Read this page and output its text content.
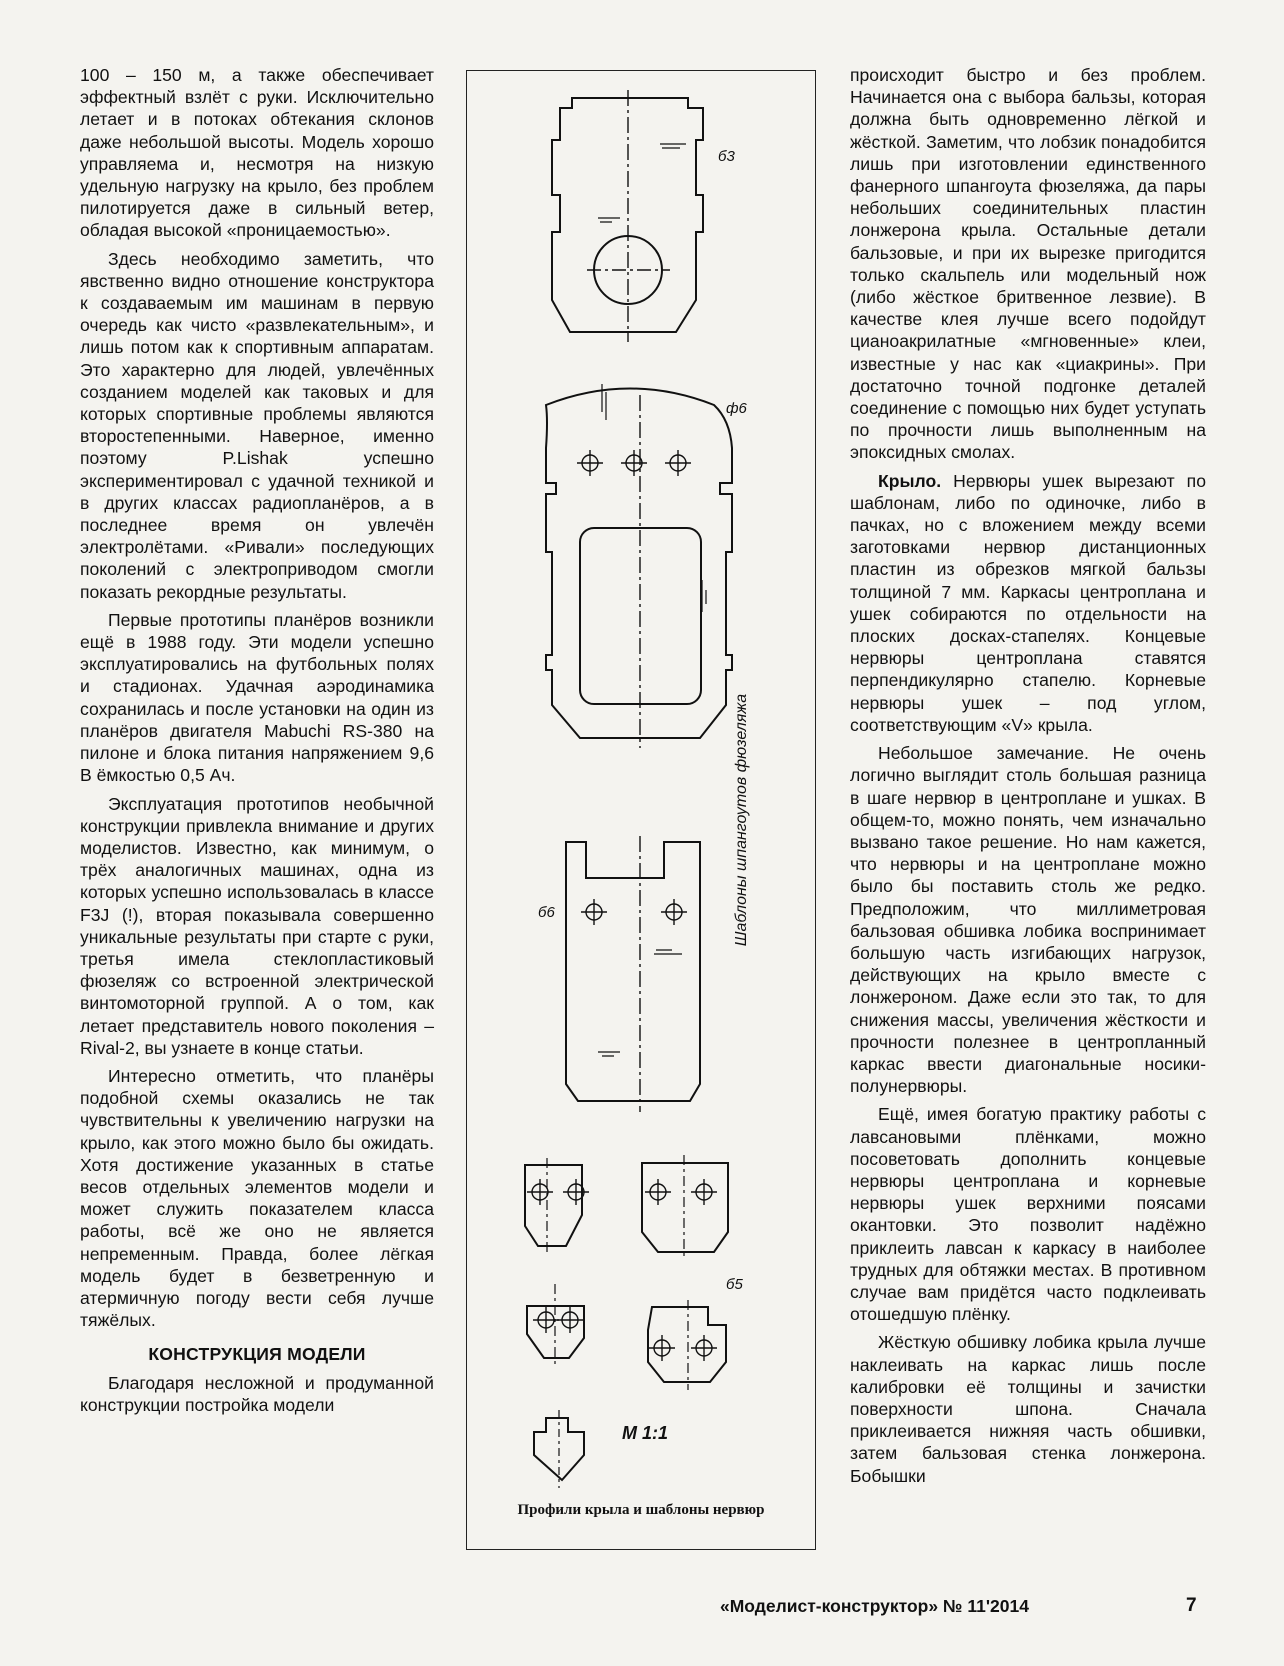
100 – 150 м, а также обеспечивает эффектный взлёт с руки. Исключительно летает и в потоках обтекания склонов даже небольшой высоты. Модель хорошо управляема и, несмотря на низкую удельную нагрузку на крыло, без проблем пилотируется даже в сильный ветер, обладая высокой «проницаемостью».

Здесь необходимо заметить, что явственно видно отношение конструктора к создаваемым им машинам в первую очередь как чисто «развлекательным», и лишь потом как к спортивным аппаратам. Это характерно для людей, увлечённых созданием моделей как таковых и для которых спортивные проблемы являются второстепенными. Наверное, именно поэтому P.Lishak успешно экспериментировал с удачной техникой и в других классах радиопланёров, а в последнее время он увлечён электролётами. «Ривали» последующих поколений с электроприводом смогли показать рекордные результаты.

Первые прототипы планёров возникли ещё в 1988 году. Эти модели успешно эксплуатировались на футбольных полях и стадионах. Удачная аэродинамика сохранилась и после установки на один из планёров двигателя Mabuchi RS-380 на пилоне и блока питания напряжением 9,6 В ёмкостью 0,5 Ач.

Эксплуатация прототипов необычной конструкции привлекла внимание и других моделистов. Известно, как минимум, о трёх аналогичных машинах, одна из которых успешно использовалась в классе F3J (!), вторая показывала совершенно уникальные результаты при старте с руки, третья имела стеклопластиковый фюзеляж со встроенной электрической винтомоторной группой. А о том, как летает представитель нового поколения – Rival-2, вы узнаете в конце статьи.

Интересно отметить, что планёры подобной схемы оказались не так чувствительны к увеличению нагрузки на крыло, как этого можно было бы ожидать. Хотя достижение указанных в статье весов отдельных элементов модели и может служить показателем класса работы, всё же оно не является непременным. Правда, более лёгкая модель будет в безветренную и атермичную погоду вести себя лучше тяжёлых.

КОНСТРУКЦИЯ МОДЕЛИ

Благодаря несложной и продуманной конструкции постройка модели

б3
ф6
б6
б5
Шаблоны шпангоутов фюзеляжа
М 1:1
Профили крыла и шаблоны нервюр

происходит быстро и без проблем. Начинается она с выбора бальзы, которая должна быть одновременно лёгкой и жёсткой. Заметим, что лобзик понадобится лишь при изготовлении единственного фанерного шпангоута фюзеляжа, да пары небольших соединительных пластин лонжерона крыла. Остальные детали бальзовые, и при их вырезке пригодится только скальпель или модельный нож (либо жёсткое бритвенное лезвие). В качестве клея лучше всего подойдут цианоакрилатные «мгновенные» клеи, известные у нас как «циакрины». При достаточно точной подгонке деталей соединение с помощью них будет уступать по прочности лишь выполненным на эпоксидных смолах.

Крыло. Нервюры ушек вырезают по шаблонам, либо по одиночке, либо в пачках, но с вложением между всеми заготовками нервюр дистанционных пластин из обрезков мягкой бальзы толщиной 7 мм. Каркасы центроплана и ушек собираются по отдельности на плоских досках-стапелях. Концевые нервюры центроплана ставятся перпендикулярно стапелю. Корневые нервюры ушек – под углом, соответствующим «V» крыла.

Небольшое замечание. Не очень логично выглядит столь большая разница в шаге нервюр в центроплане и ушках. В общем-то, можно понять, чем изначально вызвано такое решение. Но нам кажется, что нервюры и на центроплане можно было бы поставить столь же редко. Предположим, что миллиметровая бальзовая обшивка лобика воспринимает большую часть изгибающих нагрузок, действующих на крыло вместе с лонжероном. Даже если это так, то для снижения массы, увеличения жёсткости и прочности полезнее в центропланный каркас ввести диагональные носики-полунервюры.

Ещё, имея богатую практику работы с лавсановыми плёнками, можно посоветовать дополнить концевые нервюры центроплана и корневые нервюры ушек верхними поясами окантовки. Это позволит надёжно приклеить лавсан к каркасу в наиболее трудных для обтяжки местах. В противном случае вам придётся часто подклеивать отошедшую плёнку.

Жёсткую обшивку лобика крыла лучше наклеивать на каркас лишь после калибровки её толщины и зачистки поверхности шпона. Сначала приклеивается нижняя часть обшивки, затем бальзовая стенка лонжерона. Бобышки

«Моделист-конструктор» № 11'2014	7
